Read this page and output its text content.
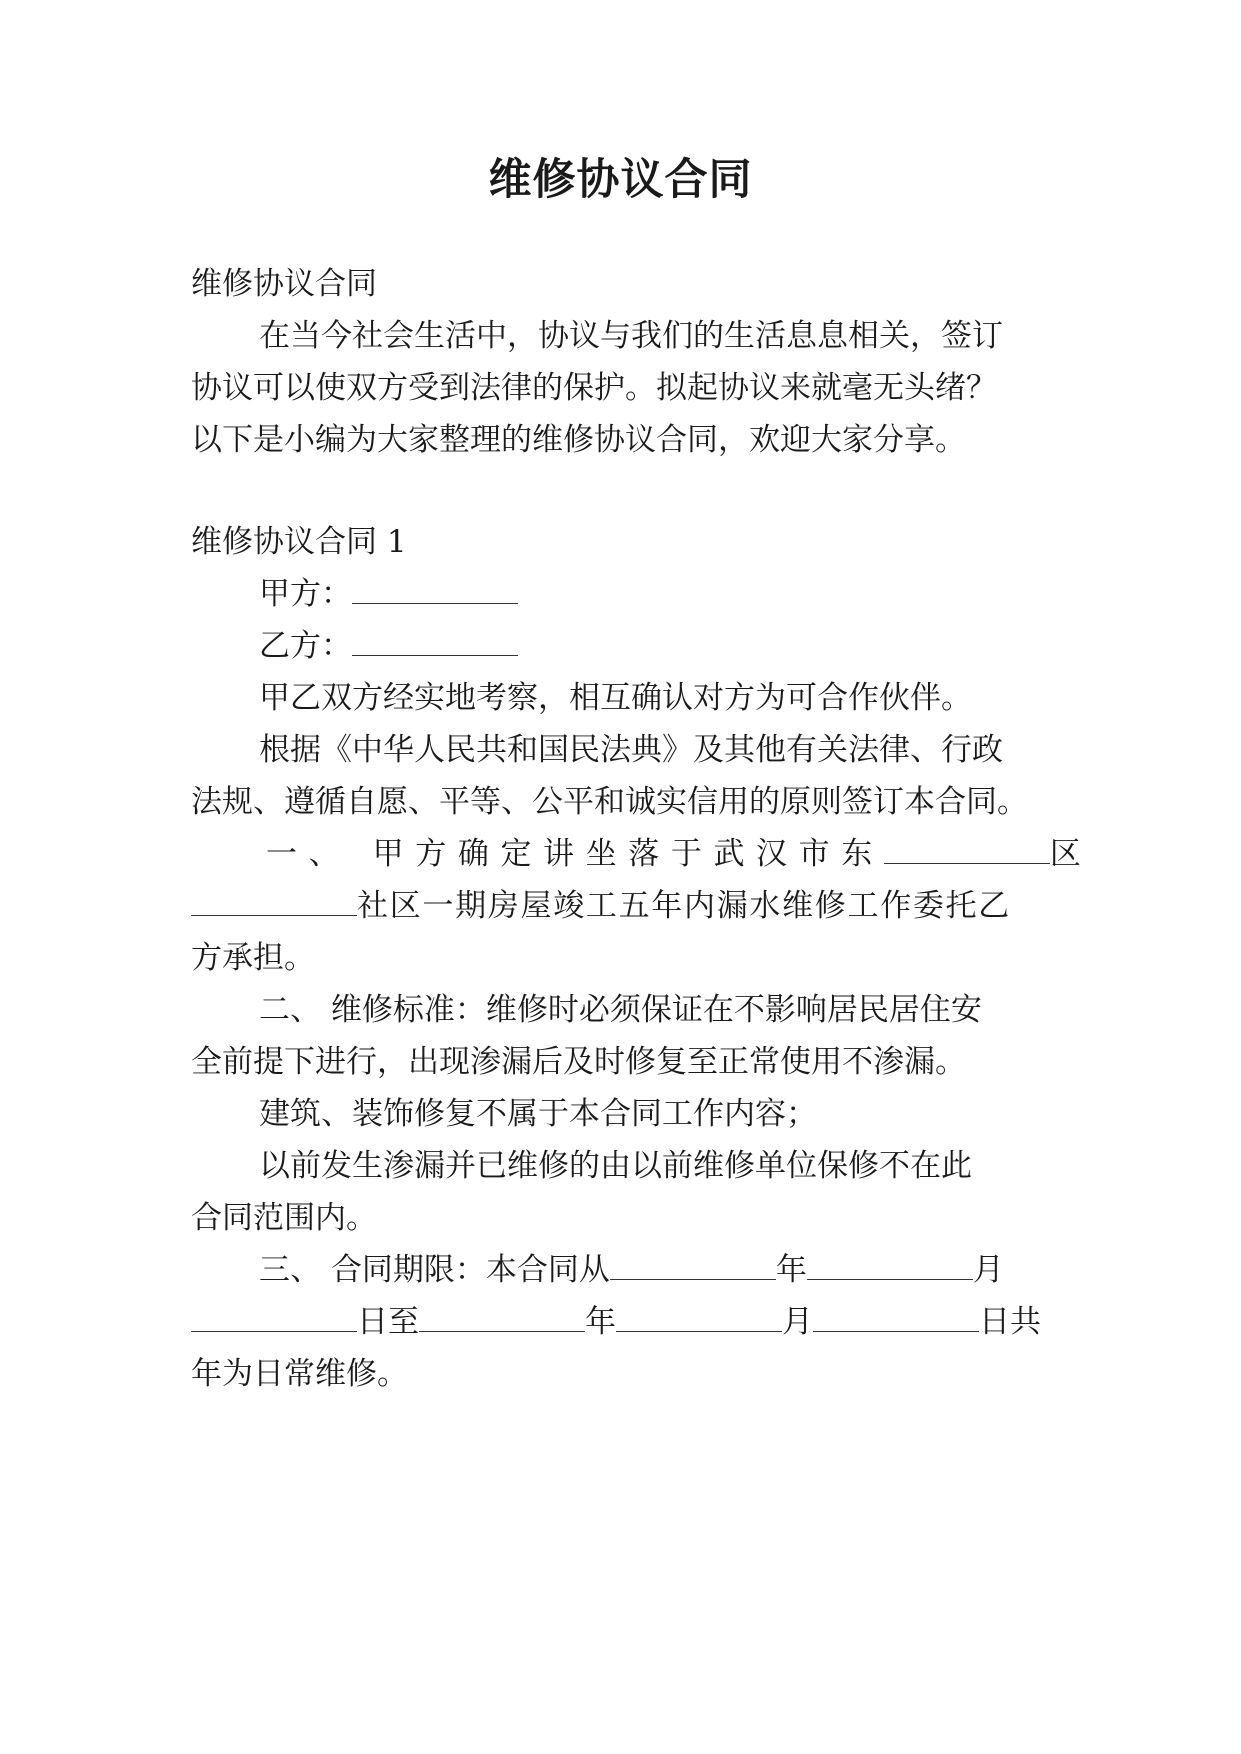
维修协议合同

维修协议合同

在当今社会生活中，协议与我们的生活息息相关，签订

协议可以使双方受到法律的保护。拟起协议来就毫无头绪？

以下是小编为大家整理的维修协议合同，欢迎大家分享。

维修协议合同 1

甲方：

乙方：

甲乙双方经实地考察，相互确认对方为可合作伙伴。

根据《中华人民共和国民法典》及其他有关法律、行政

法规、遵循自愿、平等、公平和诚实信用的原则签订本合同。

一、 甲方确定讲坐落于武汉市东	区

社区一期房屋竣工五年内漏水维修工作委托乙

方承担。

二、 维修标准：维修时必须保证在不影响居民居住安

全前提下进行，出现渗漏后及时修复至正常使用不渗漏。

建筑、装饰修复不属于本合同工作内容；

以前发生渗漏并已维修的由以前维修单位保修不在此

合同范围内。

三、 合同期限：本合同从	年	月

日至	年	月	日共

年为日常维修。
